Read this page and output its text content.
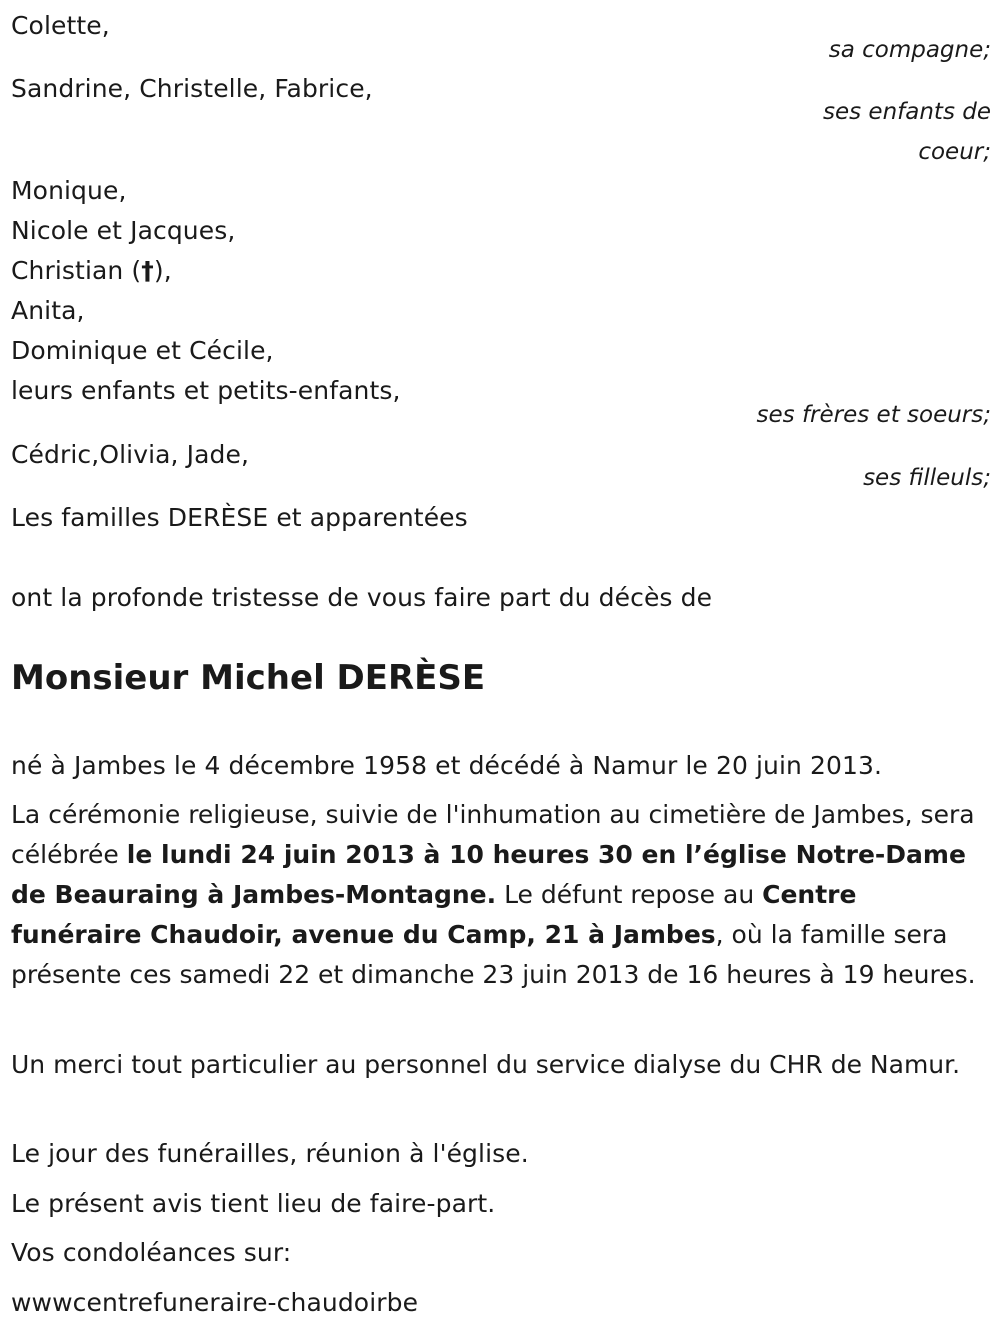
Colette,
sa compagne;
Sandrine, Christelle, Fabrice,
ses enfants de
coeur;
Monique,
Nicole et Jacques,
Christian (†),
Anita,
Dominique et Cécile,
leurs enfants et petits-enfants,
ses frères et soeurs;
Cédric,Olivia, Jade,
ses filleuls;
Les familles DERÈSE et apparentées
ont la profonde tristesse de vous faire part du décès de
Monsieur Michel DERÈSE
né à Jambes le 4 décembre 1958 et décédé à Namur le 20 juin 2013.
La cérémonie religieuse, suivie de l'inhumation au cimetière de Jambes, sera célébrée le lundi 24 juin 2013 à 10 heures 30 en l’église Notre-Dame de Beauraing à Jambes-Montagne. Le défunt repose au Centre funéraire Chaudoir, avenue du Camp, 21 à Jambes, où la famille sera présente ces samedi 22 et dimanche 23 juin 2013 de 16 heures à 19 heures.
Un merci tout particulier au personnel du service dialyse du CHR de Namur.
Le jour des funérailles, réunion à l'église.
Le présent avis tient lieu de faire-part.
Vos condoléances sur:
wwwcentrefuneraire-chaudoirbe
